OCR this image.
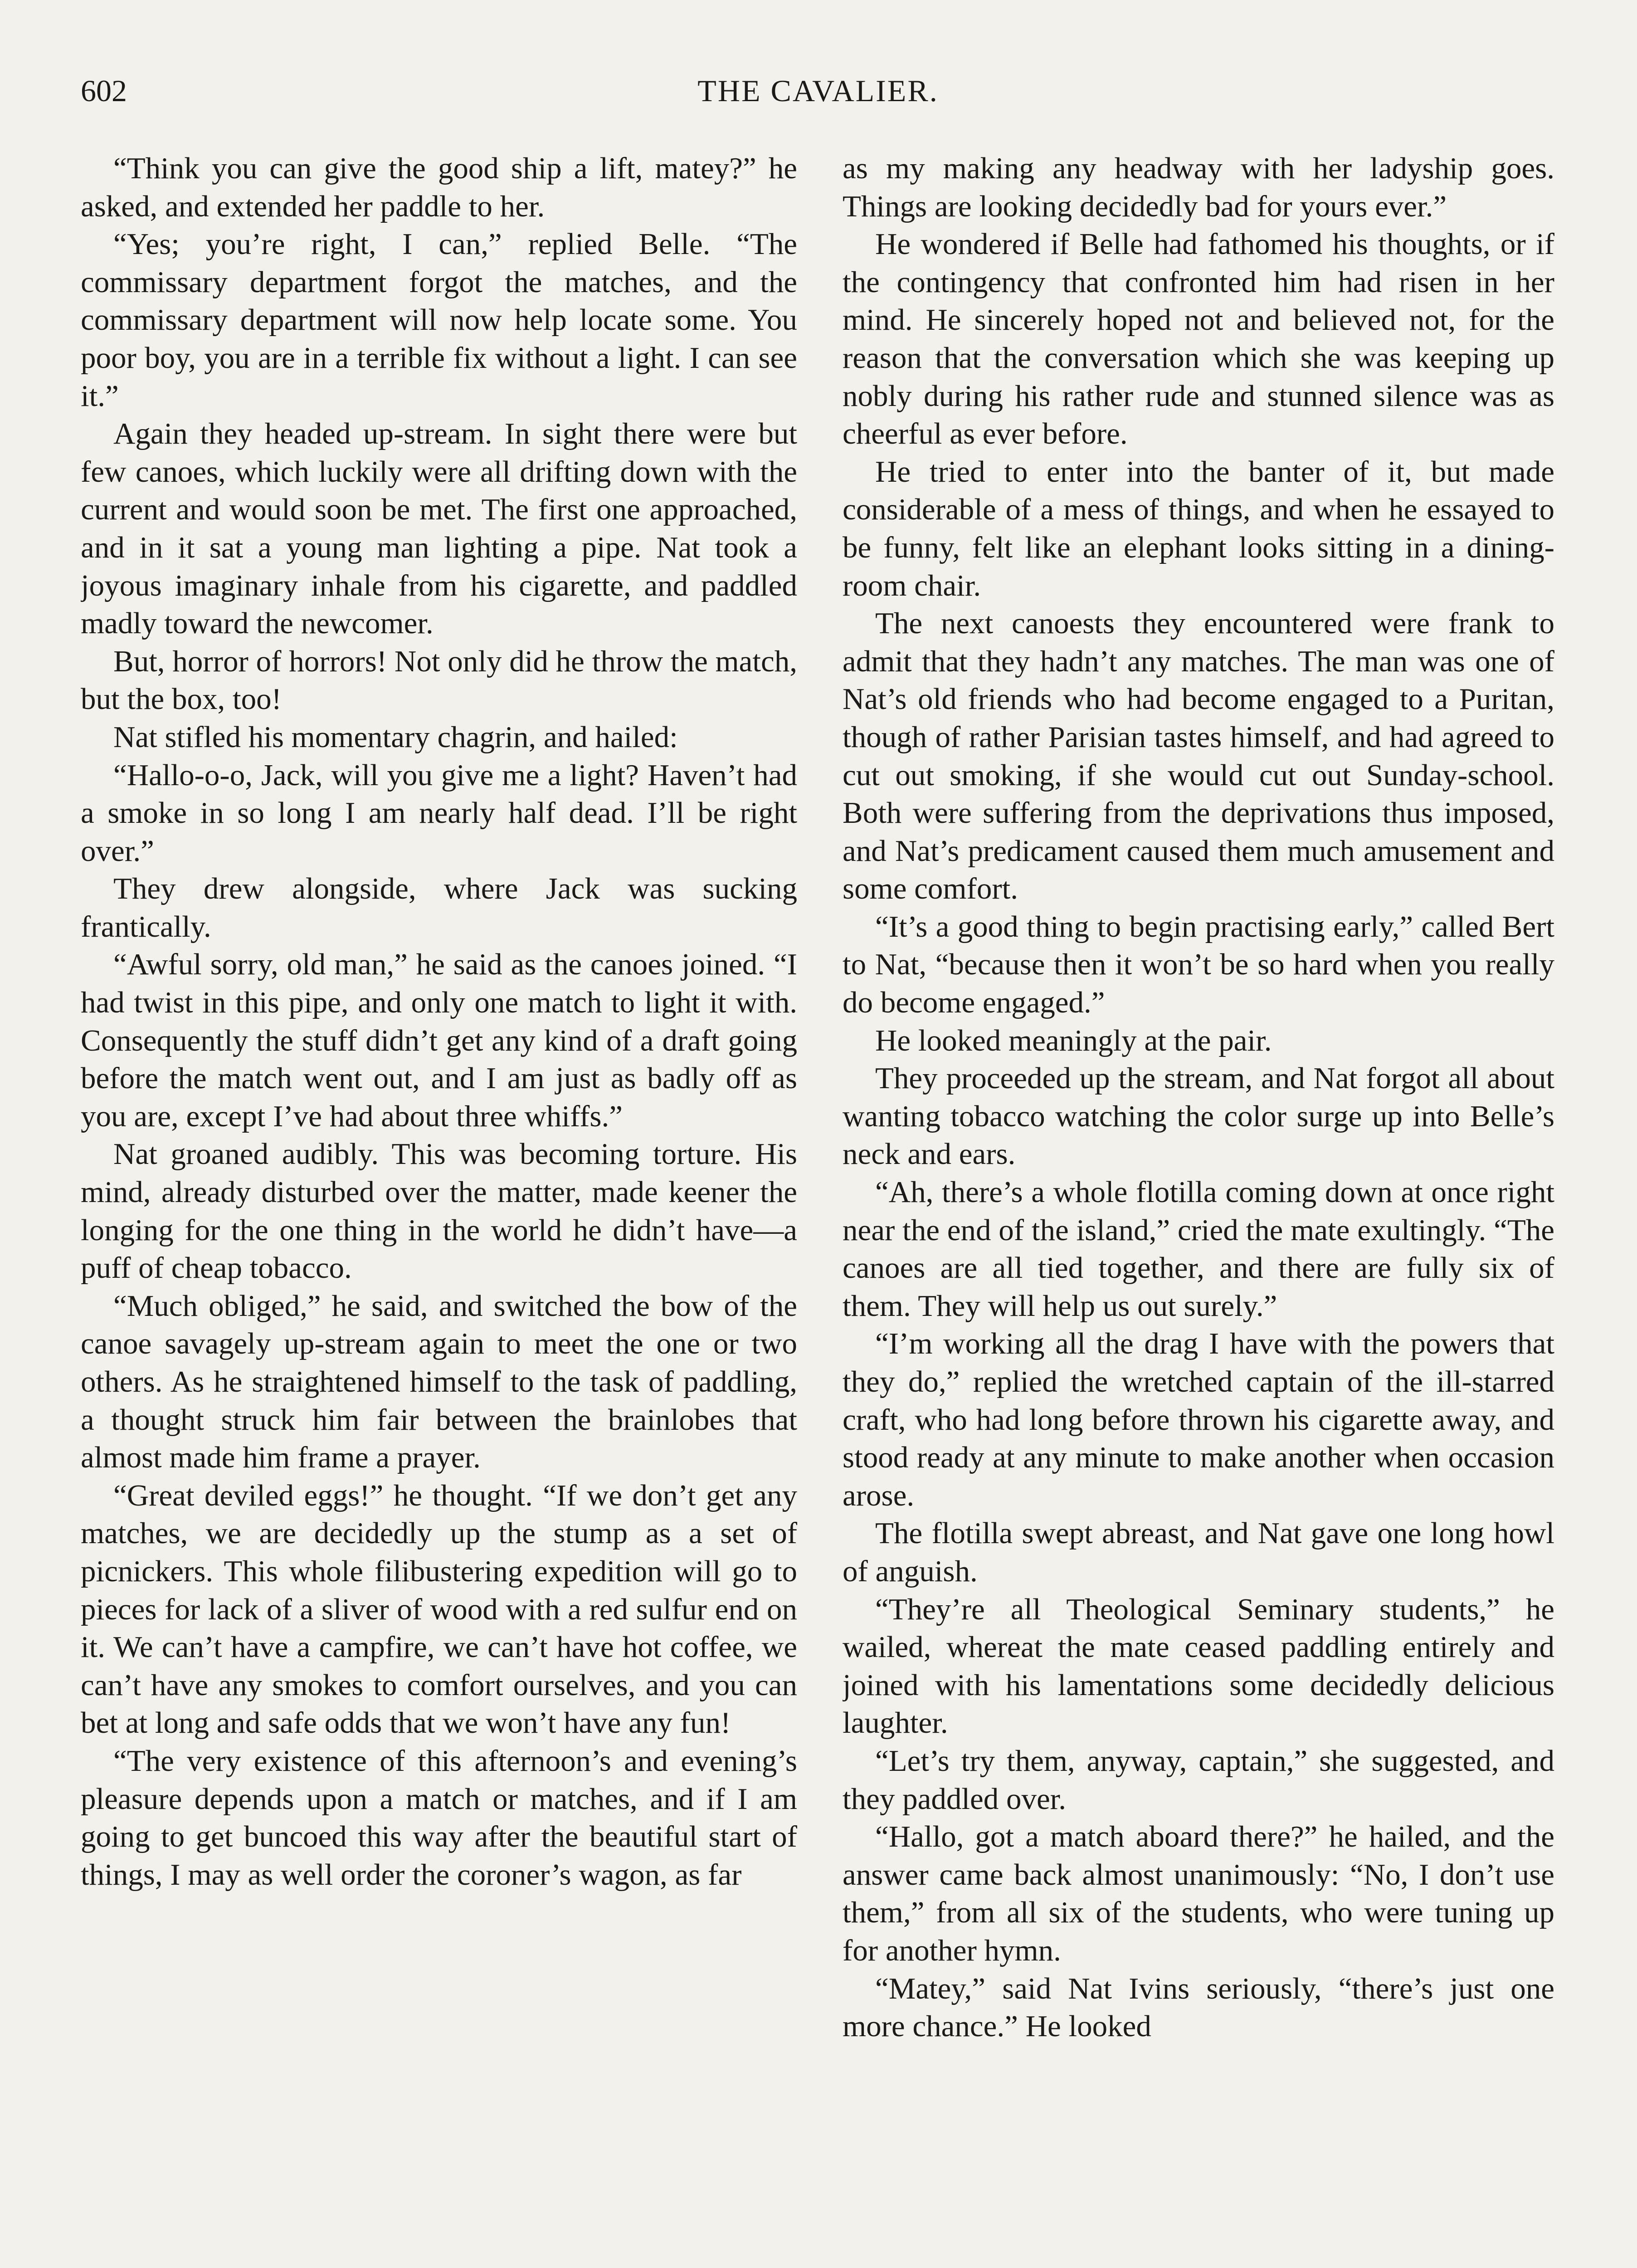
602	THE CAVALIER.

“Think you can give the good ship a lift, matey?” he asked, and extended her paddle to her.

“Yes; you’re right, I can,” replied Belle. “The commissary department forgot the matches, and the commissary department will now help locate some. You poor boy, you are in a terrible fix without a light. I can see it.”

Again they headed up-stream. In sight there were but few canoes, which luckily were all drifting down with the current and would soon be met. The first one approached, and in it sat a young man lighting a pipe. Nat took a joyous imaginary inhale from his cigarette, and paddled madly toward the newcomer.

But, horror of horrors! Not only did he throw the match, but the box, too!

Nat stifled his momentary chagrin, and hailed:

“Hallo-o-o, Jack, will you give me a light? Haven’t had a smoke in so long I am nearly half dead. I’ll be right over.”

They drew alongside, where Jack was sucking frantically.

“Awful sorry, old man,” he said as the canoes joined. “I had twist in this pipe, and only one match to light it with. Consequently the stuff didn’t get any kind of a draft going before the match went out, and I am just as badly off as you are, except I’ve had about three whiffs.”

Nat groaned audibly. This was becoming torture. His mind, already disturbed over the matter, made keener the longing for the one thing in the world he didn’t have—a puff of cheap tobacco.

“Much obliged,” he said, and switched the bow of the canoe savagely up-stream again to meet the one or two others. As he straightened himself to the task of paddling, a thought struck him fair between the brainlobes that almost made him frame a prayer.

“Great deviled eggs!” he thought. “If we don’t get any matches, we are decidedly up the stump as a set of picnickers. This whole filibustering expedition will go to pieces for lack of a sliver of wood with a red sulfur end on it. We can’t have a campfire, we can’t have hot coffee, we can’t have any smokes to comfort ourselves, and you can bet at long and safe odds that we won’t have any fun!

“The very existence of this afternoon’s and evening’s pleasure depends upon a match or matches, and if I am going to get buncoed this way after the beautiful start of things, I may as well order the coroner’s wagon, as far

as my making any headway with her ladyship goes. Things are looking decidedly bad for yours ever.”

He wondered if Belle had fathomed his thoughts, or if the contingency that confronted him had risen in her mind. He sincerely hoped not and believed not, for the reason that the conversation which she was keeping up nobly during his rather rude and stunned silence was as cheerful as ever before.

He tried to enter into the banter of it, but made considerable of a mess of things, and when he essayed to be funny, felt like an elephant looks sitting in a dining-room chair.

The next canoests they encountered were frank to admit that they hadn’t any matches. The man was one of Nat’s old friends who had become engaged to a Puritan, though of rather Parisian tastes himself, and had agreed to cut out smoking, if she would cut out Sunday-school. Both were suffering from the deprivations thus imposed, and Nat’s predicament caused them much amusement and some comfort.

“It’s a good thing to begin practising early,” called Bert to Nat, “because then it won’t be so hard when you really do become engaged.”

He looked meaningly at the pair.

They proceeded up the stream, and Nat forgot all about wanting tobacco watching the color surge up into Belle’s neck and ears.

“Ah, there’s a whole flotilla coming down at once right near the end of the island,” cried the mate exultingly. “The canoes are all tied together, and there are fully six of them. They will help us out surely.”

“I’m working all the drag I have with the powers that they do,” replied the wretched captain of the ill-starred craft, who had long before thrown his cigarette away, and stood ready at any minute to make another when occasion arose.

The flotilla swept abreast, and Nat gave one long howl of anguish.

“They’re all Theological Seminary students,” he wailed, whereat the mate ceased paddling entirely and joined with his lamentations some decidedly delicious laughter.

“Let’s try them, anyway, captain,” she suggested, and they paddled over.

“Hallo, got a match aboard there?” he hailed, and the answer came back almost unanimously: “No, I don’t use them,” from all six of the students, who were tuning up for another hymn.

“Matey,” said Nat Ivins seriously, “there’s just one more chance.” He looked
